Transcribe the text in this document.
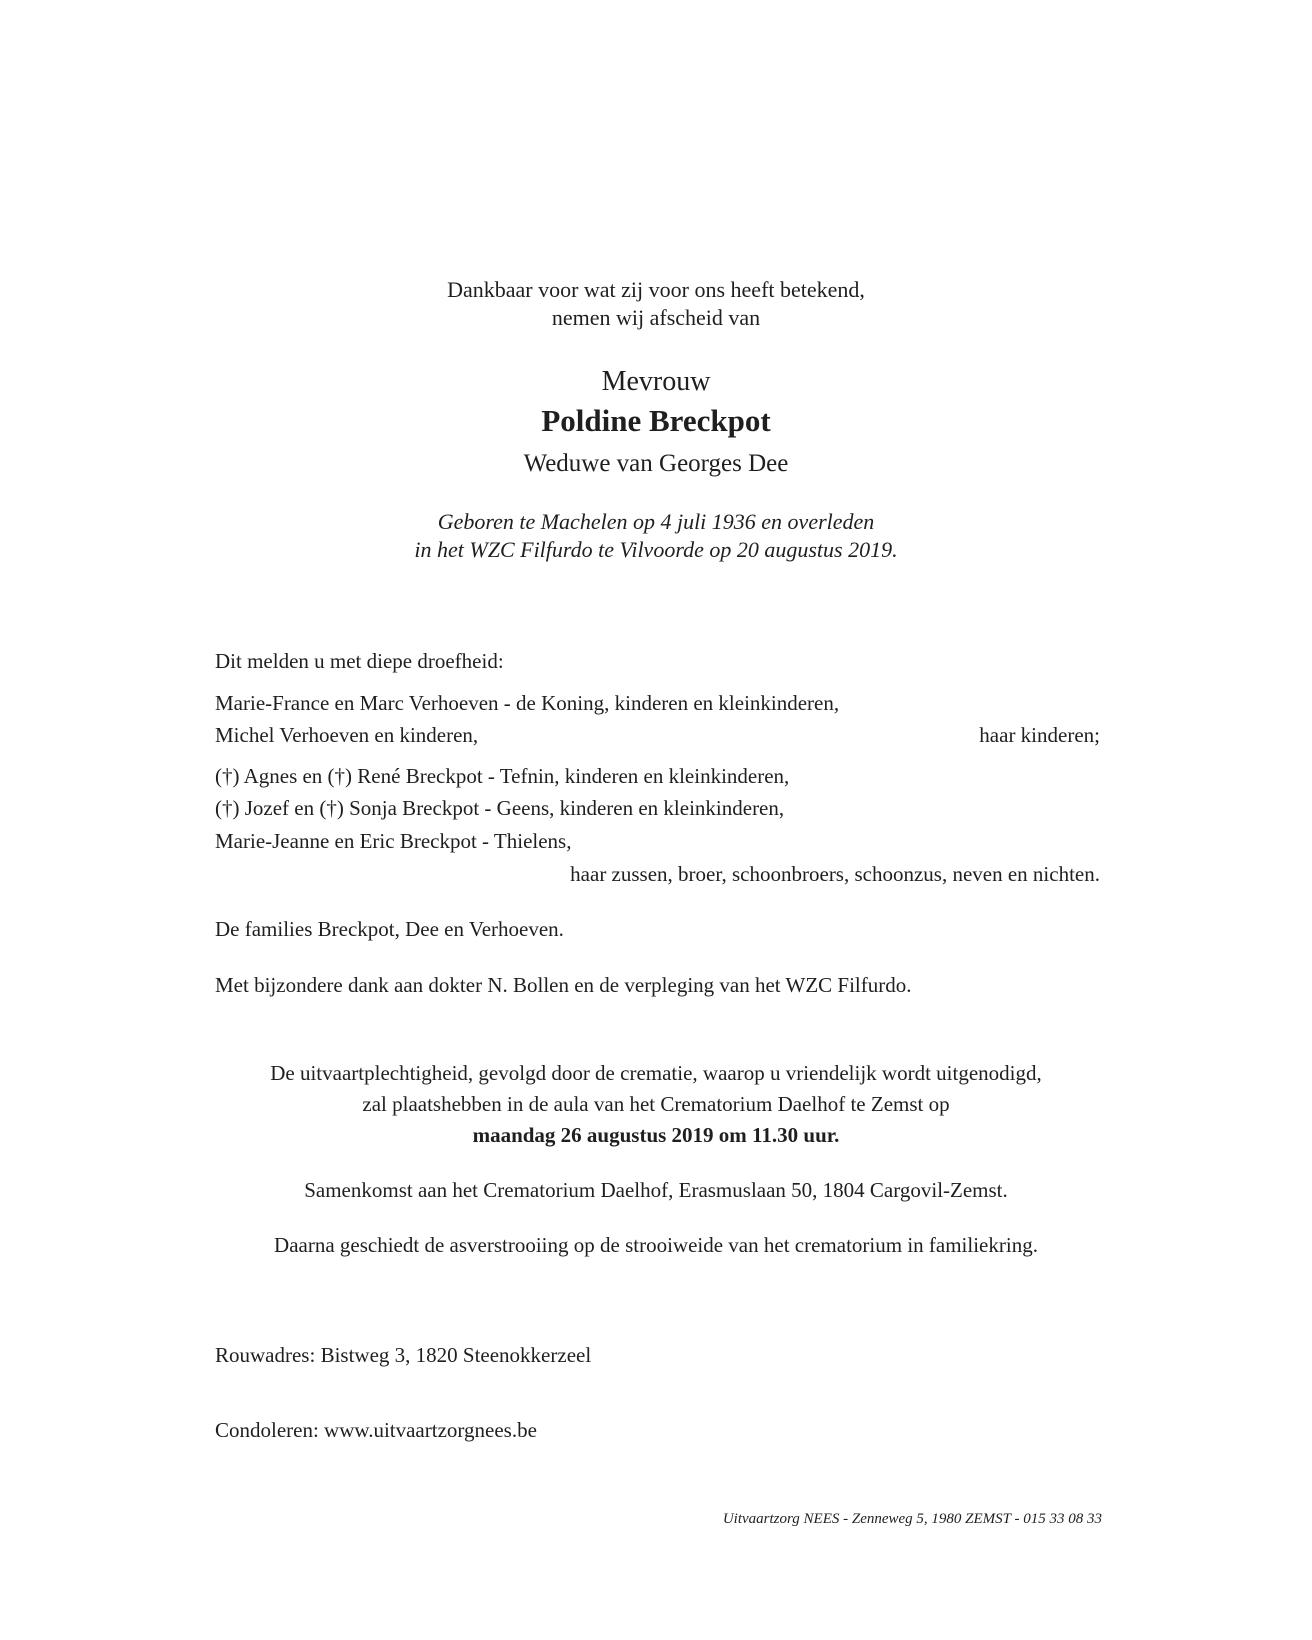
Dankbaar voor wat zij voor ons heeft betekend,
nemen wij afscheid van
Mevrouw
Poldine Breckpot
Weduwe van Georges Dee
Geboren te Machelen op 4 juli 1936 en overleden
in het WZC Filfurdo te Vilvoorde op 20 augustus 2019.
Dit melden u met diepe droefheid:
Marie-France en Marc Verhoeven - de Koning, kinderen en kleinkinderen,
Michel Verhoeven en kinderen,	haar kinderen;
(†) Agnes en (†) René Breckpot - Tefnin, kinderen en kleinkinderen,
(†) Jozef en (†) Sonja Breckpot - Geens, kinderen en kleinkinderen,
Marie-Jeanne en Eric Breckpot - Thielens,
haar zussen, broer, schoonbroers, schoonzus, neven en nichten.
De families Breckpot, Dee en Verhoeven.
Met bijzondere dank aan dokter N. Bollen en de verpleging van het WZC Filfurdo.
De uitvaartplechtigheid, gevolgd door de crematie, waarop u vriendelijk wordt uitgenodigd,
zal plaatshebben in de aula van het Crematorium Daelhof te Zemst op
maandag 26 augustus 2019 om 11.30 uur.
Samenkomst aan het Crematorium Daelhof, Erasmuslaan 50, 1804 Cargovil-Zemst.
Daarna geschiedt de asverstrooiing op de strooiweide van het crematorium in familiekring.
Rouwadres: Bistweg 3, 1820 Steenokkerzeel
Condoleren: www.uitvaartzorgnees.be
Uitvaartzorg NEES - Zenneweg 5, 1980 ZEMST - 015 33 08 33
